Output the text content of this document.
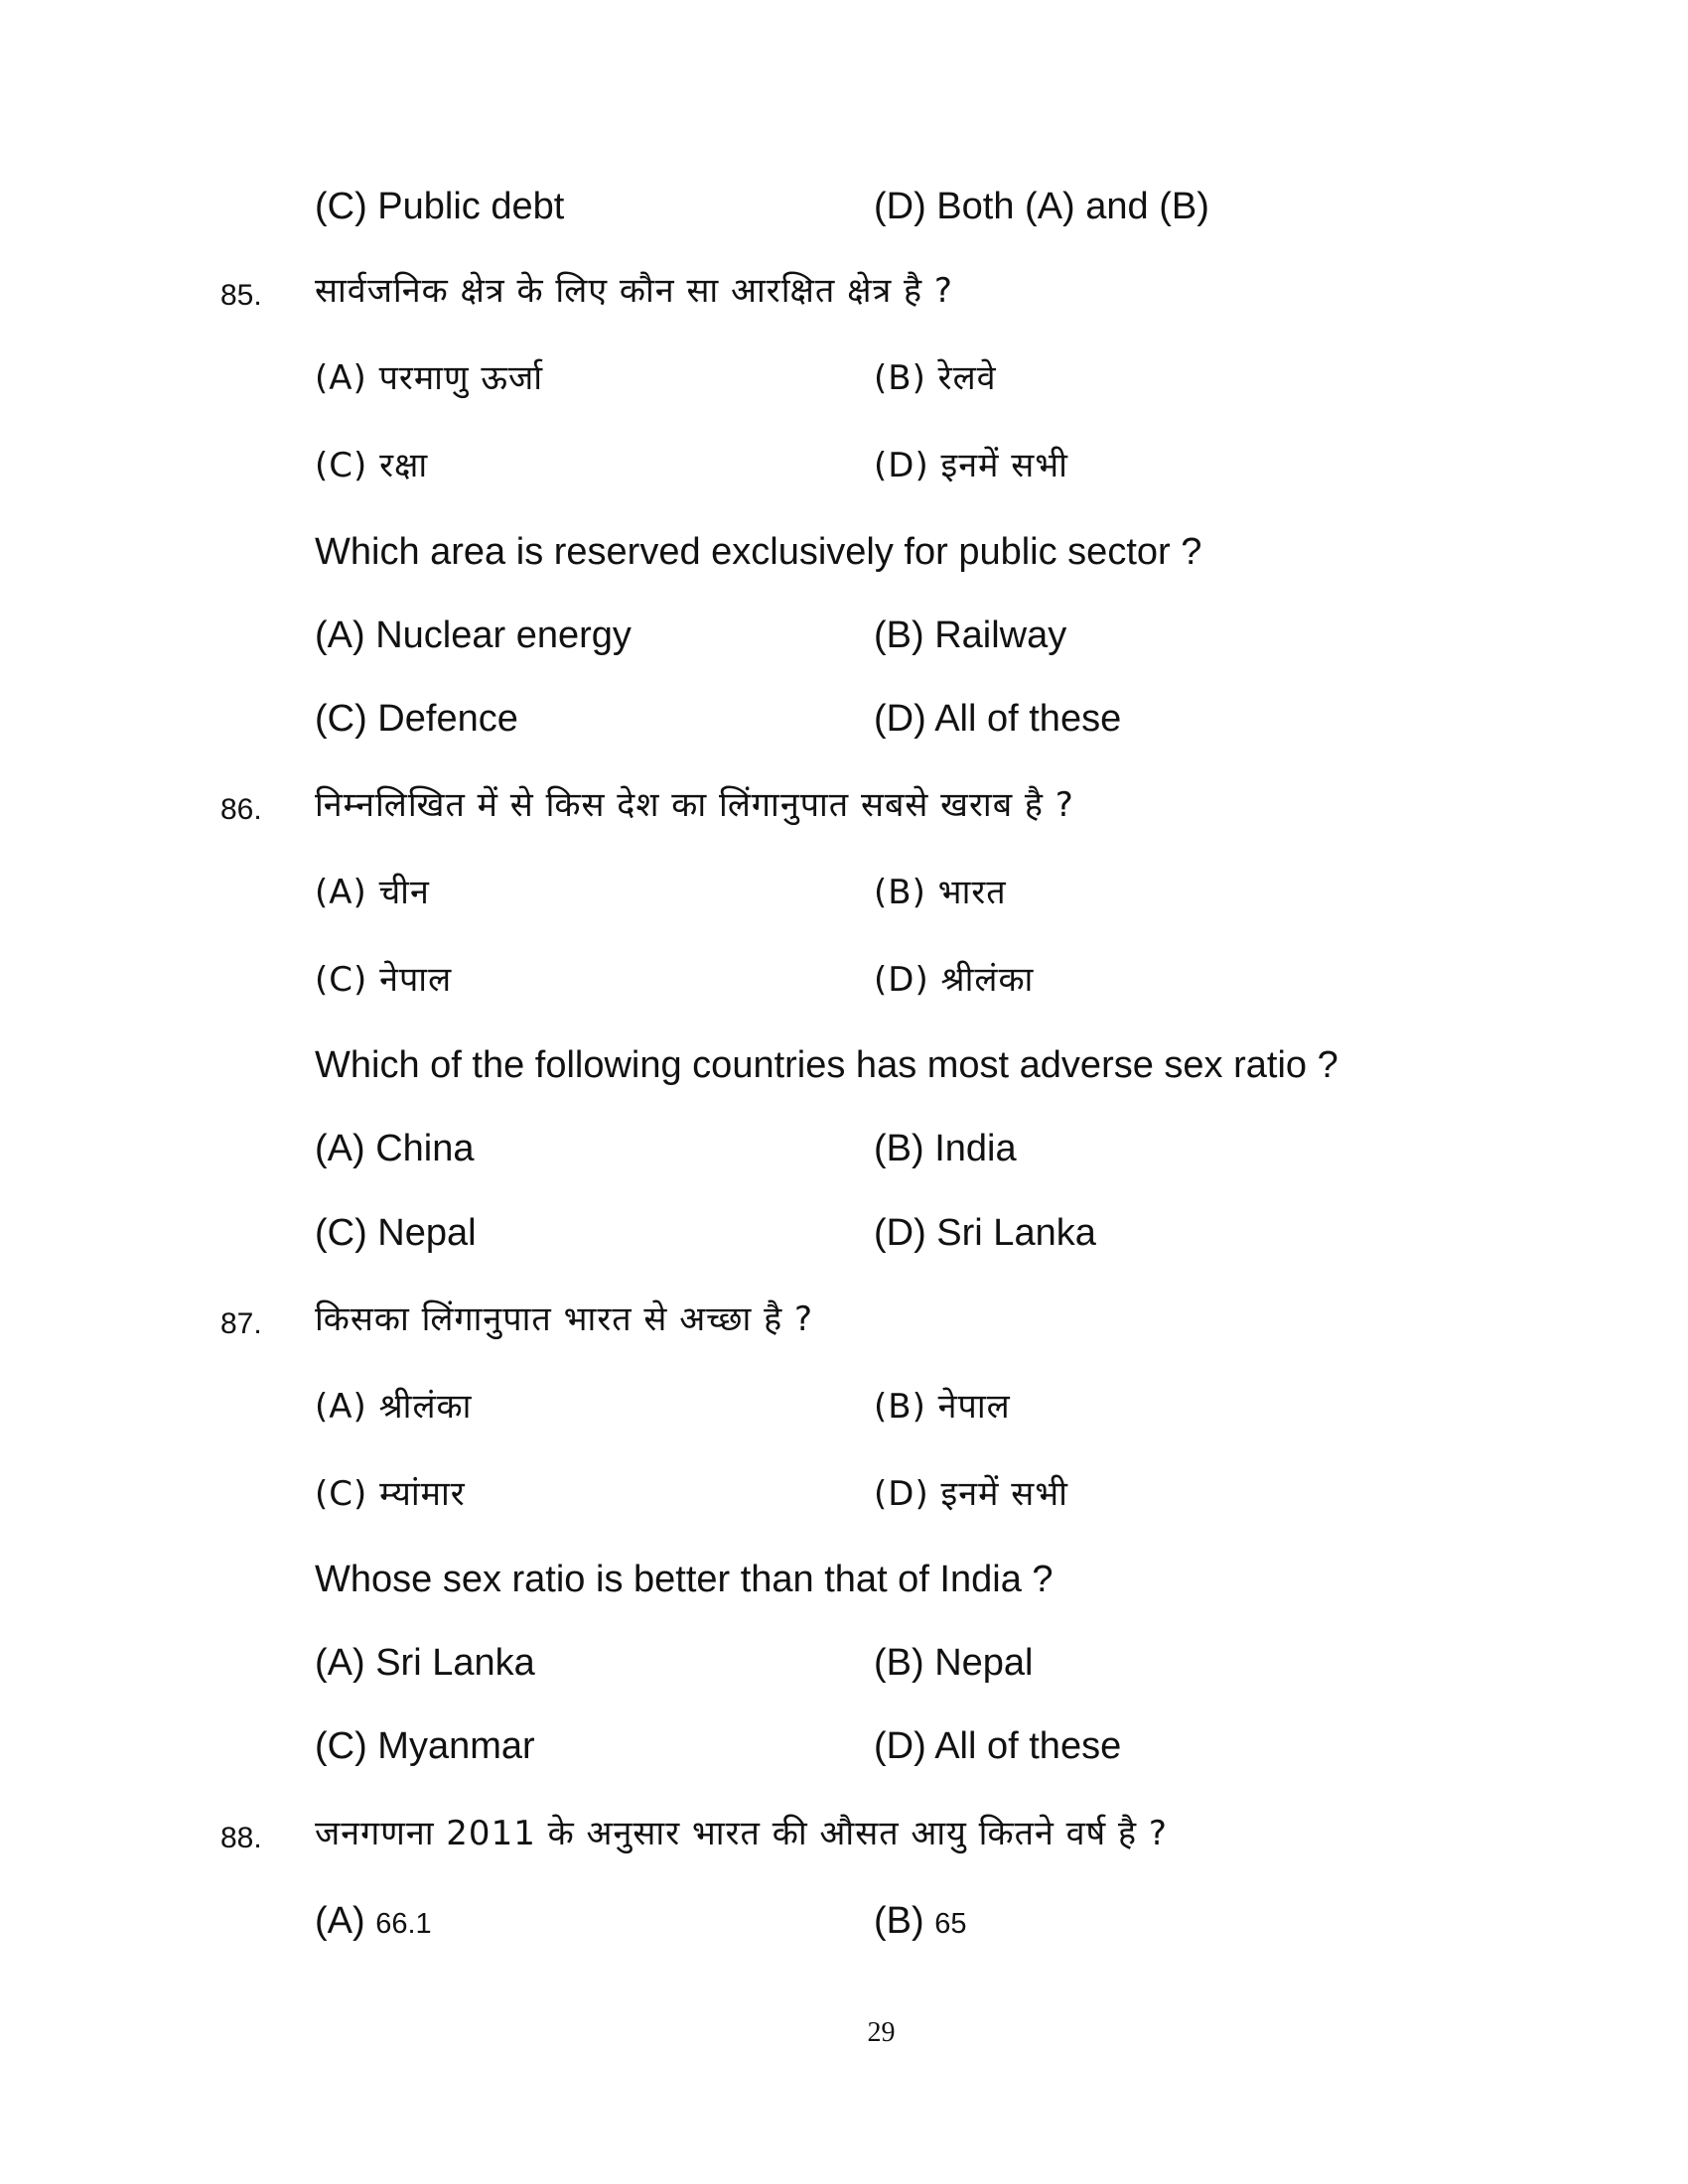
(C) Public debt	(D) Both (A) and (B)
85. सार्वजनिक क्षेत्र के लिए कौन सा आरक्षित क्षेत्र है ?
(A) परमाणु ऊर्जा	(B) रेलवे
(C) रक्षा	(D) इनमें सभी
Which area is reserved exclusively for public sector ?
(A) Nuclear energy	(B) Railway
(C) Defence	(D) All of these
86. निम्नलिखित में से किस देश का लिंगानुपात सबसे खराब है ?
(A) चीन	(B) भारत
(C) नेपाल	(D) श्रीलंका
Which of the following countries has most adverse sex ratio ?
(A) China	(B) India
(C) Nepal	(D) Sri Lanka
87. किसका लिंगानुपात भारत से अच्छा है ?
(A) श्रीलंका	(B) नेपाल
(C) म्यांमार	(D) इनमें सभी
Whose sex ratio is better than that of India ?
(A) Sri Lanka	(B) Nepal
(C) Myanmar	(D) All of these
88. जनगणना 2011 के अनुसार भारत की औसत आयु कितने वर्ष है ?
(A) 66.1	(B) 65
29
